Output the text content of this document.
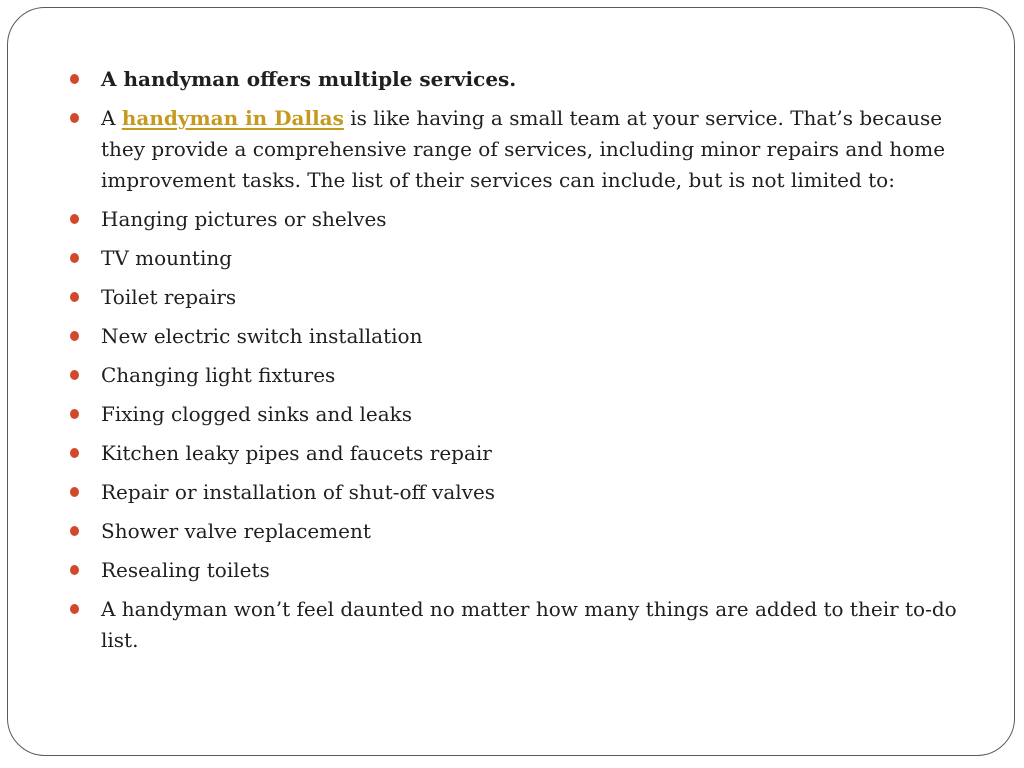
A handyman offers multiple services.
A handyman in Dallas is like having a small team at your service. That’s because they provide a comprehensive range of services, including minor repairs and home improvement tasks. The list of their services can include, but is not limited to:
Hanging pictures or shelves
TV mounting
Toilet repairs
New electric switch installation
Changing light fixtures
Fixing clogged sinks and leaks
Kitchen leaky pipes and faucets repair
Repair or installation of shut-off valves
Shower valve replacement
Resealing toilets
A handyman won’t feel daunted no matter how many things are added to their to-do list.
